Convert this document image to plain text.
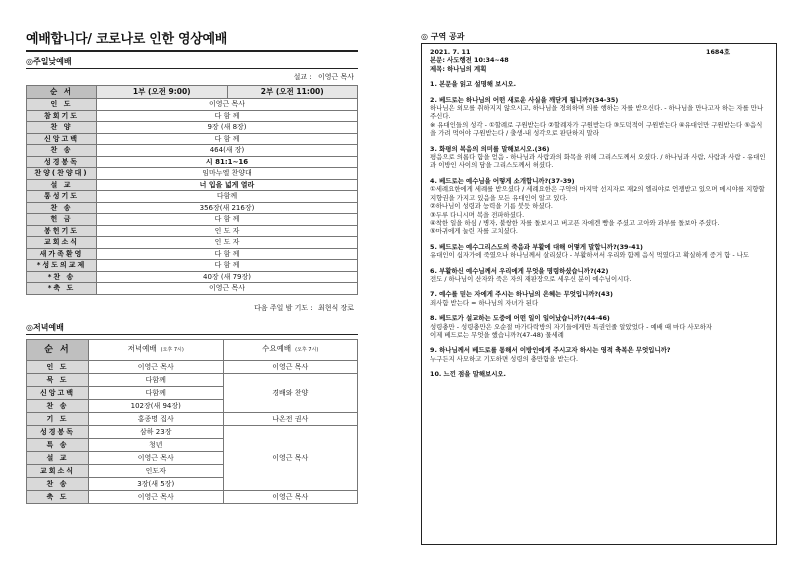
예배합니다/ 코로나로 인한 영상예배
◎주일낮예배
설교 : 이영근 목사
순 서	1부 (오전 9:00)	2부 (오전 11:00)
인 도	이영근 목사	
참회기도	다 함 께	
찬 양	9장 (새 8장)	
신앙고백	다 함 께	
찬 송	464(새 장)	
성경봉독	시 81:1~16	
찬양(찬양대)	임마누엘 찬양대	
설 교	너 입을 넓게 열라	
통성기도	다함께	
찬 송	356장(새 216장)	
헌 금	다 함 께	
봉헌기도	인 도 자	
교회소식	인 도 자	
새가족환영	다 함 께	
*성도의교제	다 함 께	
*찬 송	40장 (새 79장)	
*축 도	이영근 목사	
다음 주일 밤 기도 : 최현식 장로
◎저녁예배
순 서	저녁예배 (오후 7시)	수요예배 (오후 7시)
인 도	이영근 목사	이영근 목사
묵 도	다함께	경배와 찬양
신앙고백	다함께	
찬 송	102장(새 94장)	
기 도	홍종명 집사	나온전 권사
성경봉독	삼하 23장	이영근 목사
특 송	청년	
설 교	이영근 목사	
교회소식	인도자	
찬 송	3장(새 5장)	
축 도	이영근 목사	이영근 목사
◎ 구역 공과
2021. 7. 11	1684호
본문: 사도행전 10:34~48
제목: 하나님의 계획
1. 본문을 읽고 설명해 보시오.
2. 베드로는 하나님의 어떤 새로운 사실을 깨닫게 됩니까?(34-35)
하나님은 외모를 취하지지 않으시고, 하나님을 경외하며 의를 행하는 자를 받으신다. - 하나님을 만나고자 하는 자를 만나주신다.
※ 유대인들의 성각 - ①할례로 구원받는다 ②할례자가 구원받는다 ③도덕적이 구원받는다 ④유대인만 구원받는다 ⑤음식을 가려 먹어야 구원받는다 / 출생-내 성각으로 판단하지 말라
3. 화평의 복음의 의미를 말해보시오.(36)
평음으로 의롭다 함을 얻음 - 하나님과 사람과의 화목을 위해 그리스도께서 오셨다. / 하나님과 사람, 사람과 사람 - 유대인과 이방인 사이의 담을 그리스도께서 허셨다.
4. 베드로는 예수님을 어떻게 소개합니까?(37-39)
①세례요한에게 세례를 받으셨다 / 세례요한은 구약의 마지막 선지자로 재2의 엘리야로 언젱받고 있으며 메시야를 지향할 지향권을 가지고 있음을 모든 유대인이 알고 있다.
②하나님이 성령과 능력을 기름 붓듯 하셨다.
③두루 다니시며 복을 전파하셨다.
④착한 일을 하심 / 병자, 불쌍한 자를 돌보시고 버고픈 자에겐 빵을 주셨고 고아와 과부를 돌보아 주셨다.
⑤마귀에게 눌린 자를 고치셨다.
5. 베드로는 예수그리스도의 죽음과 부활에 대해 어떻게 말합니까?(39-41)
유대인이 십자가에 죽였으나 하나님께서 살리셨다 - 부활하셔서 우리와 함께 음식 먹였다고 확실하게 증거 함 - 나도
6. 부활하신 예수님께서 우리에게 무엇을 명령하셨습니까?(42)
전도 / 하나님이 산자와 죽은 자의 재판장으로 세우신 분이 예수님이시다.
7. 예수를 믿는 자에게 주시는 하나님의 은혜는 무엇입니까?(43)
죄사함 받는다 = 하나님의 자녀가 된다
8. 베드로가 설교하는 도중에 어떤 일이 일어났습니까?(44-46)
성령충만 - 성령충만은 오순절 마가다락방의 자기들에게만 특권인줄 알았었다 - 예배 때 마다 사모하자
이제 베드로는 무엇을 했습니까?(47-48) 물세례
9. 하나님께서 베드로를 통해서 이방인에게 주시고자 하시는 영적 축복은 무엇입니까?
누구든지 사모하고 기도하면 성령의 충만함을 받는다.
10. 느낀 점을 말해보시오.
